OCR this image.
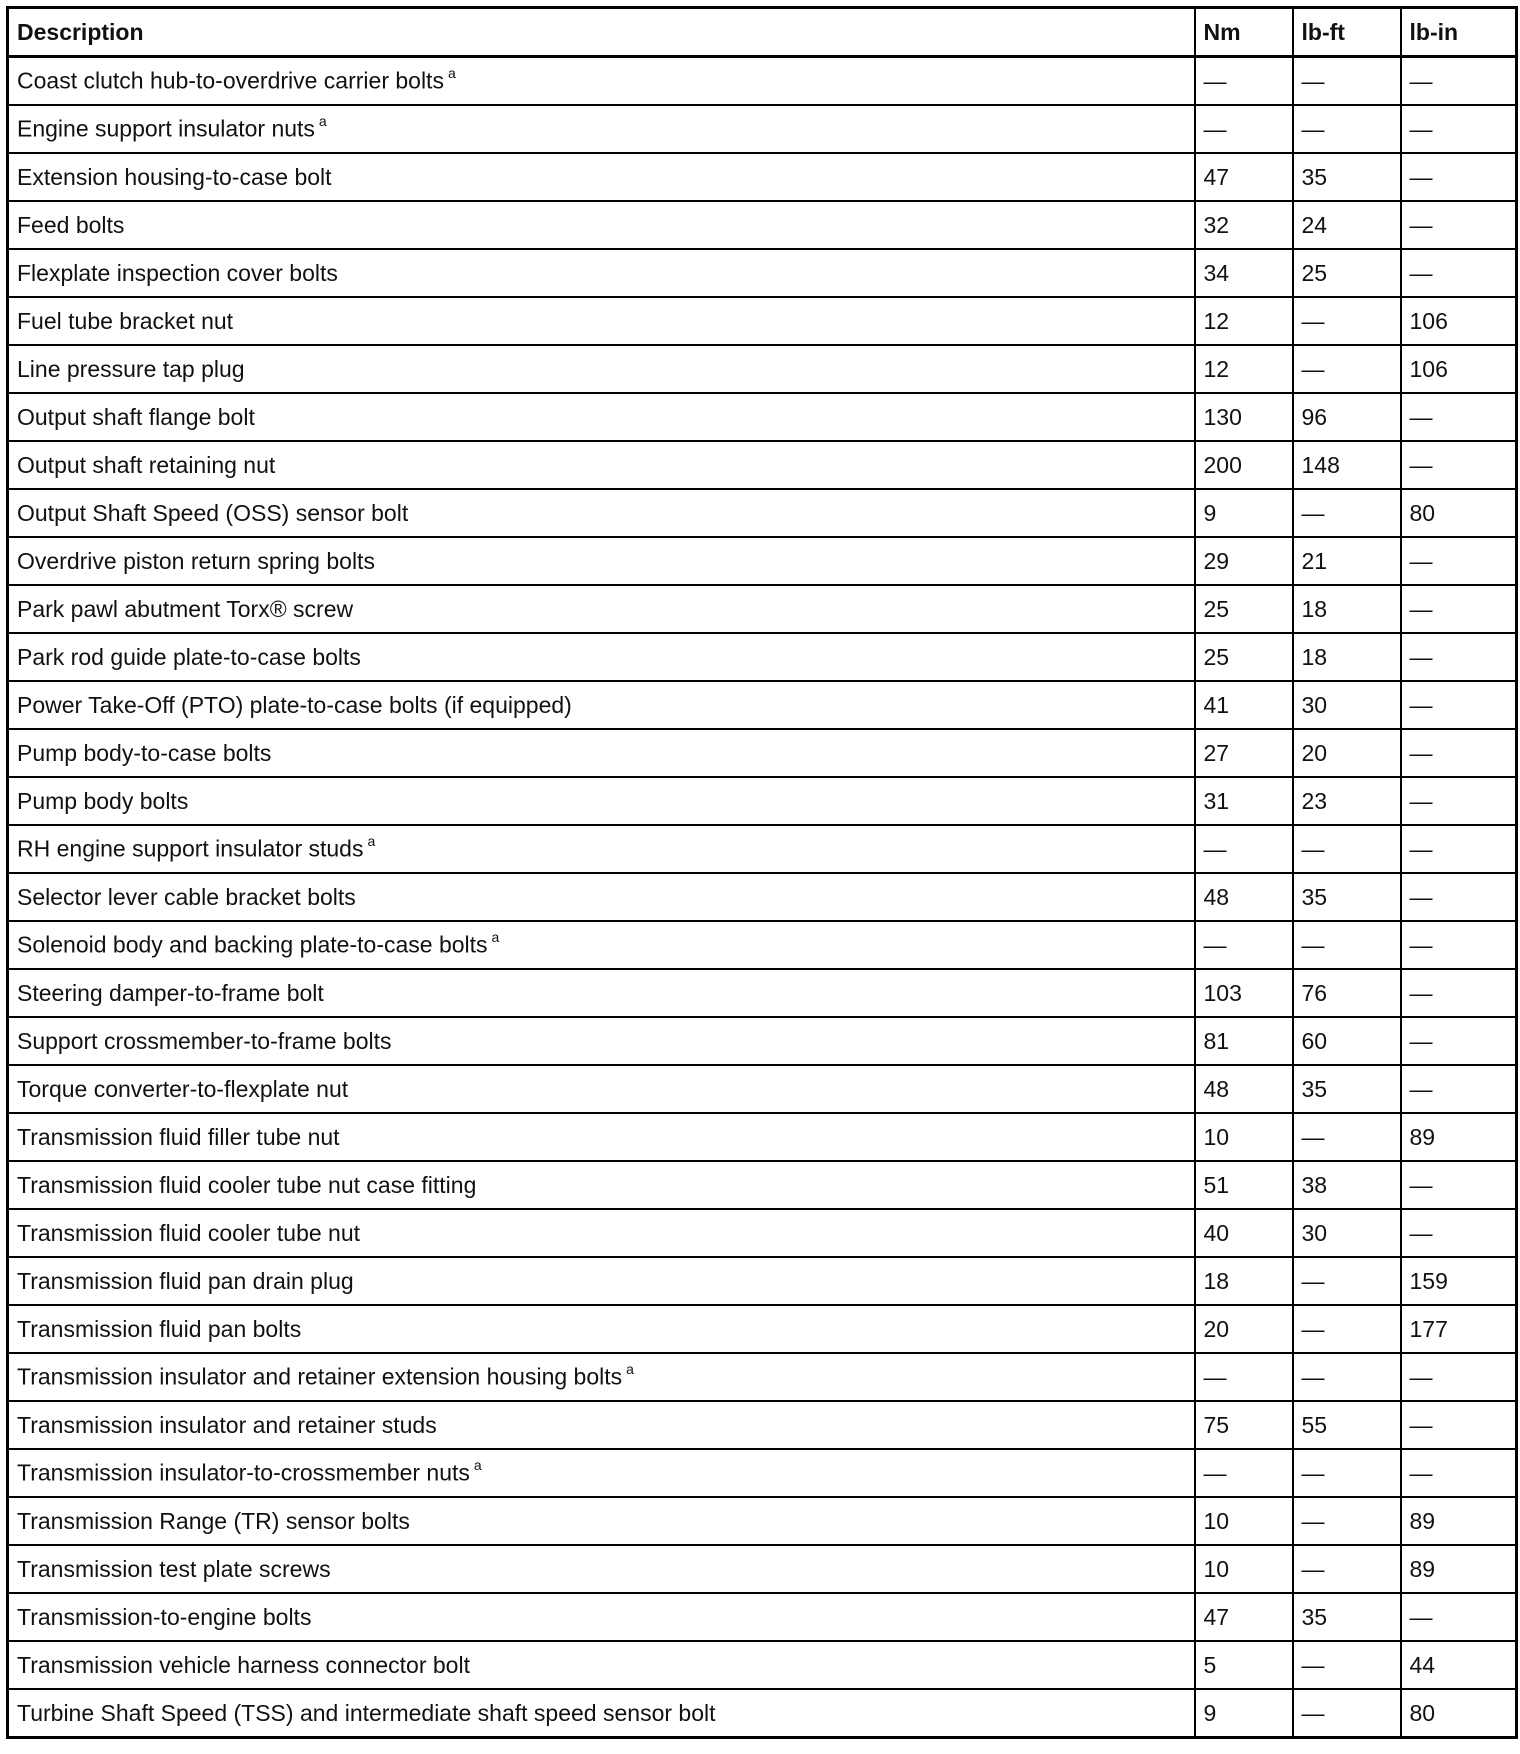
Description	Nm	lb-ft	lb-in
Coast clutch hub-to-overdrive carrier bolts $^a$	—	—	—
Engine support insulator nuts $^a$	—	—	—
Extension housing-to-case bolt	47	35	—
Feed bolts	32	24	—
Flexplate inspection cover bolts	34	25	—
Fuel tube bracket nut	12	—	106
Line pressure tap plug	12	—	106
Output shaft flange bolt	130	96	—
Output shaft retaining nut	200	148	—
Output Shaft Speed (OSS) sensor bolt	9	—	80
Overdrive piston return spring bolts	29	21	—
Park pawl abutment Torx® screw	25	18	—
Park rod guide plate-to-case bolts	25	18	—
Power Take-Off (PTO) plate-to-case bolts (if equipped)	41	30	—
Pump body-to-case bolts	27	20	—
Pump body bolts	31	23	—
RH engine support insulator studs $^a$	—	—	—
Selector lever cable bracket bolts	48	35	—
Solenoid body and backing plate-to-case bolts $^a$	—	—	—
Steering damper-to-frame bolt	103	76	—
Support crossmember-to-frame bolts	81	60	—
Torque converter-to-flexplate nut	48	35	—
Transmission fluid filler tube nut	10	—	89
Transmission fluid cooler tube nut case fitting	51	38	—
Transmission fluid cooler tube nut	40	30	—
Transmission fluid pan drain plug	18	—	159
Transmission fluid pan bolts	20	—	177
Transmission insulator and retainer extension housing bolts $^a$	—	—	—
Transmission insulator and retainer studs	75	55	—
Transmission insulator-to-crossmember nuts $^a$	—	—	—
Transmission Range (TR) sensor bolts	10	—	89
Transmission test plate screws	10	—	89
Transmission-to-engine bolts	47	35	—
Transmission vehicle harness connector bolt	5	—	44
Turbine Shaft Speed (TSS) and intermediate shaft speed sensor bolt	9	—	80
